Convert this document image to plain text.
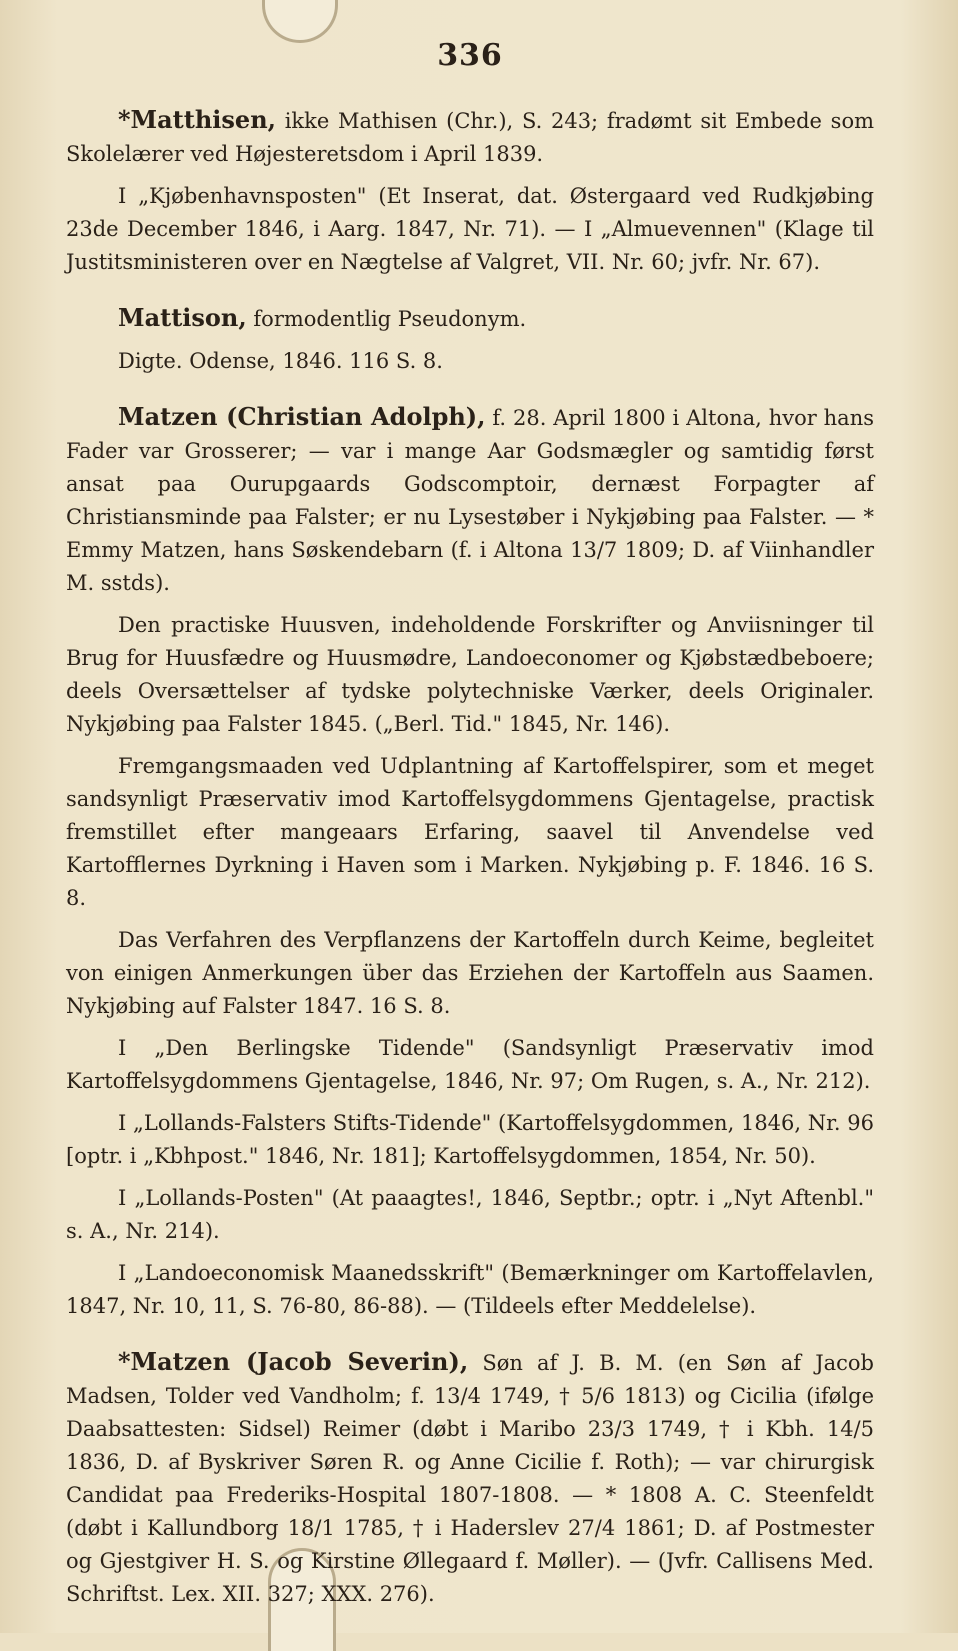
336

*Matthisen, ikke Mathisen (Chr.), S. 243; fradømt sit Embede som Skolelærer ved Højesteretsdom i April 1839.

I „Kjøbenhavnsposten" (Et Inserat, dat. Østergaard ved Rudkjøbing 23de December 1846, i Aarg. 1847, Nr. 71). — I „Almuevennen" (Klage til Justitsministeren over en Nægtelse af Valgret, VII. Nr. 60; jvfr. Nr. 67).

Mattison, formodentlig Pseudonym.

Digte. Odense, 1846. 116 S. 8.

Matzen (Christian Adolph), f. 28. April 1800 i Altona, hvor hans Fader var Grosserer; — var i mange Aar Godsmægler og samtidig først ansat paa Ourupgaards Godscomptoir, dernæst Forpagter af Christiansminde paa Falster; er nu Lysestøber i Nykjøbing paa Falster. — * Emmy Matzen, hans Søskendebarn (f. i Altona 13/7 1809; D. af Viinhandler M. sstds).

Den practiske Huusven, indeholdende Forskrifter og Anviisninger til Brug for Huusfædre og Huusmødre, Landoeconomer og Kjøbstædbeboere; deels Oversættelser af tydske polytechniske Værker, deels Originaler. Nykjøbing paa Falster 1845. („Berl. Tid." 1845, Nr. 146).

Fremgangsmaaden ved Udplantning af Kartoffelspirer, som et meget sandsynligt Præservativ imod Kartoffelsygdommens Gjentagelse, practisk fremstillet efter mangeaars Erfaring, saavel til Anvendelse ved Kartofflernes Dyrkning i Haven som i Marken. Nykjøbing p. F. 1846. 16 S. 8.

Das Verfahren des Verpflanzens der Kartoffeln durch Keime, begleitet von einigen Anmerkungen über das Erziehen der Kartoffeln aus Saamen. Nykjøbing auf Falster 1847. 16 S. 8.

I „Den Berlingske Tidende" (Sandsynligt Præservativ imod Kartoffelsygdommens Gjentagelse, 1846, Nr. 97; Om Rugen, s. A., Nr. 212).

I „Lollands-Falsters Stifts-Tidende" (Kartoffelsygdommen, 1846, Nr. 96 [optr. i „Kbhpost." 1846, Nr. 181]; Kartoffelsygdommen, 1854, Nr. 50).

I „Lollands-Posten" (At paaagtes!, 1846, Septbr.; optr. i „Nyt Aftenbl." s. A., Nr. 214).

I „Landoeconomisk Maanedsskrift" (Bemærkninger om Kartoffelavlen, 1847, Nr. 10, 11, S. 76-80, 86-88). — (Tildeels efter Meddelelse).

*Matzen (Jacob Severin), Søn af J. B. M. (en Søn af Jacob Madsen, Tolder ved Vandholm; f. 13/4 1749, † 5/6 1813) og Cicilia (ifølge Daabsattesten: Sidsel) Reimer (døbt i Maribo 23/3 1749, † i Kbh. 14/5 1836, D. af Byskriver Søren R. og Anne Cicilie f. Roth); — var chirurgisk Candidat paa Frederiks-Hospital 1807-1808. — * 1808 A. C. Steenfeldt (døbt i Kallundborg 18/1 1785, † i Haderslev 27/4 1861; D. af Postmester og Gjestgiver H. S. og Kirstine Øllegaard f. Møller). — (Jvfr. Callisens Med. Schriftst. Lex. XII. 327; XXX. 276).
